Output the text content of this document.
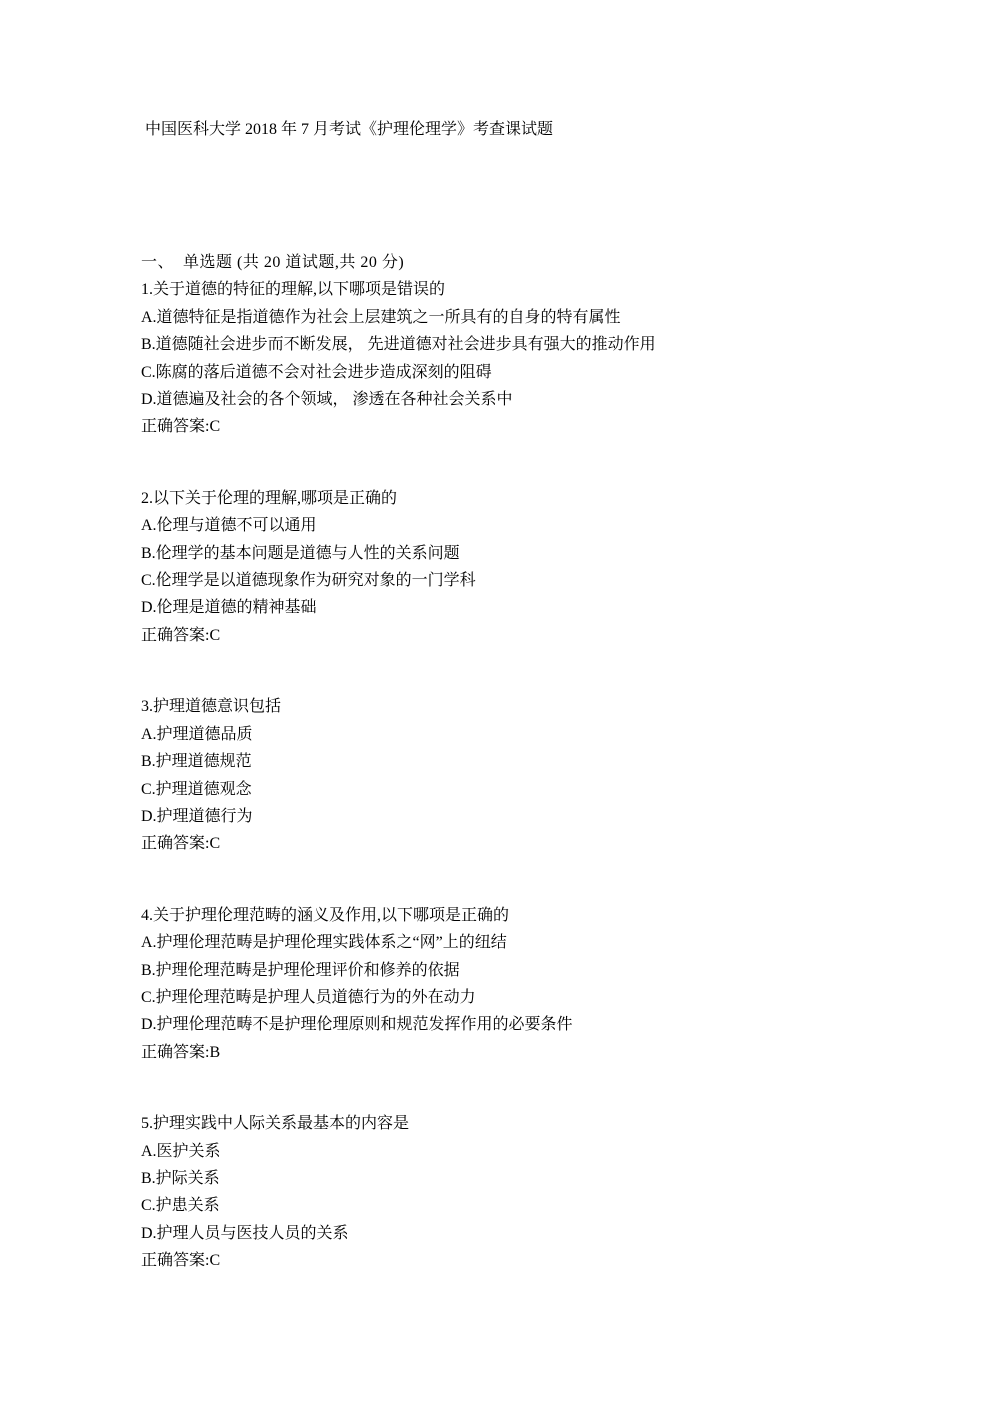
中国医科大学 2018 年 7 月考试《护理伦理学》考查课试题
一、  单选题 (共 20 道试题,共 20 分)
1.关于道德的特征的理解,以下哪项是错误的
A.道德特征是指道德作为社会上层建筑之一所具有的自身的特有属性
B.道德随社会进步而不断发展， 先进道德对社会进步具有强大的推动作用
C.陈腐的落后道德不会对社会进步造成深刻的阻碍
D.道德遍及社会的各个领域， 渗透在各种社会关系中
正确答案:C
2.以下关于伦理的理解,哪项是正确的
A.伦理与道德不可以通用
B.伦理学的基本问题是道德与人性的关系问题
C.伦理学是以道德现象作为研究对象的一门学科
D.伦理是道德的精神基础
正确答案:C
3.护理道德意识包括
A.护理道德品质
B.护理道德规范
C.护理道德观念
D.护理道德行为
正确答案:C
4.关于护理伦理范畴的涵义及作用,以下哪项是正确的
A.护理伦理范畴是护理伦理实践体系之“网”上的纽结
B.护理伦理范畴是护理伦理评价和修养的依据
C.护理伦理范畴是护理人员道德行为的外在动力
D.护理伦理范畴不是护理伦理原则和规范发挥作用的必要条件
正确答案:B
5.护理实践中人际关系最基本的内容是
A.医护关系
B.护际关系
C.护患关系
D.护理人员与医技人员的关系
正确答案:C
